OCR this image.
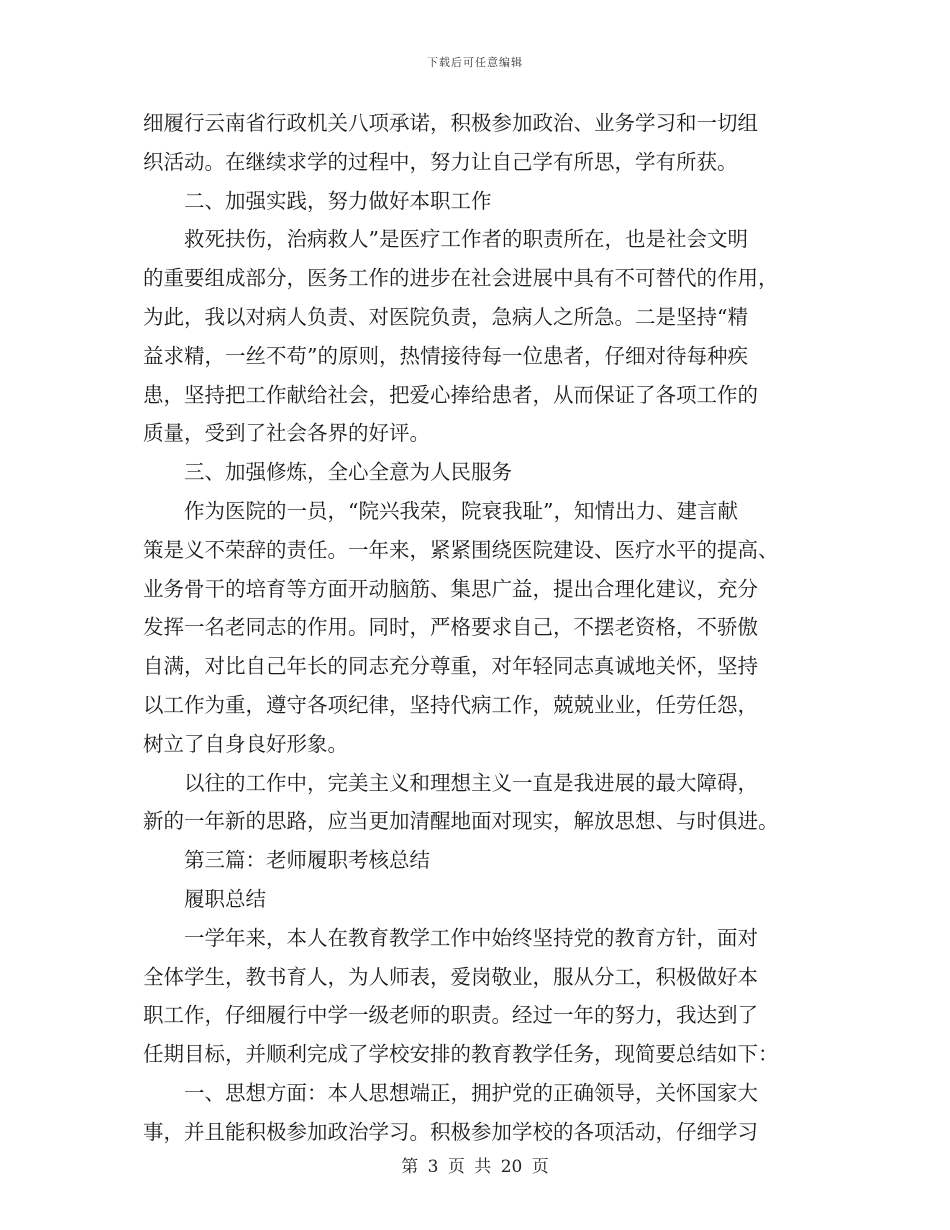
下载后可任意编辑
细履行云南省行政机关八项承诺，积极参加政治、业务学习和一切组
织活动。在继续求学的过程中，努力让自己学有所思，学有所获。
二、加强实践，努力做好本职工作
救死扶伤，治病救人”是医疗工作者的职责所在，也是社会文明
的重要组成部分，医务工作的进步在社会进展中具有不可替代的作用，
为此，我以对病人负责、对医院负责，急病人之所急。二是坚持“精
益求精，一丝不苟”的原则，热情接待每一位患者，仔细对待每种疾
患，坚持把工作献给社会，把爱心捧给患者，从而保证了各项工作的
质量，受到了社会各界的好评。
三、加强修炼，全心全意为人民服务
作为医院的一员，“院兴我荣，院衰我耻”，知情出力、建言献
策是义不荣辞的责任。一年来，紧紧围绕医院建设、医疗水平的提高、
业务骨干的培育等方面开动脑筋、集思广益，提出合理化建议，充分
发挥一名老同志的作用。同时，严格要求自己，不摆老资格，不骄傲
自满，对比自己年长的同志充分尊重，对年轻同志真诚地关怀，坚持
以工作为重，遵守各项纪律，坚持代病工作，兢兢业业，任劳任怨，
树立了自身良好形象。
以往的工作中，完美主义和理想主义一直是我进展的最大障碍，
新的一年新的思路，应当更加清醒地面对现实，解放思想、与时俱进。
第三篇：老师履职考核总结
履职总结
一学年来，本人在教育教学工作中始终坚持党的教育方针，面对
全体学生，教书育人，为人师表，爱岗敬业，服从分工，积极做好本
职工作，仔细履行中学一级老师的职责。经过一年的努力，我达到了
任期目标，并顺利完成了学校安排的教育教学任务，现简要总结如下：
一、思想方面：本人思想端正，拥护党的正确领导，关怀国家大
事，并且能积极参加政治学习。积极参加学校的各项活动，仔细学习
第 3 页 共 20 页
